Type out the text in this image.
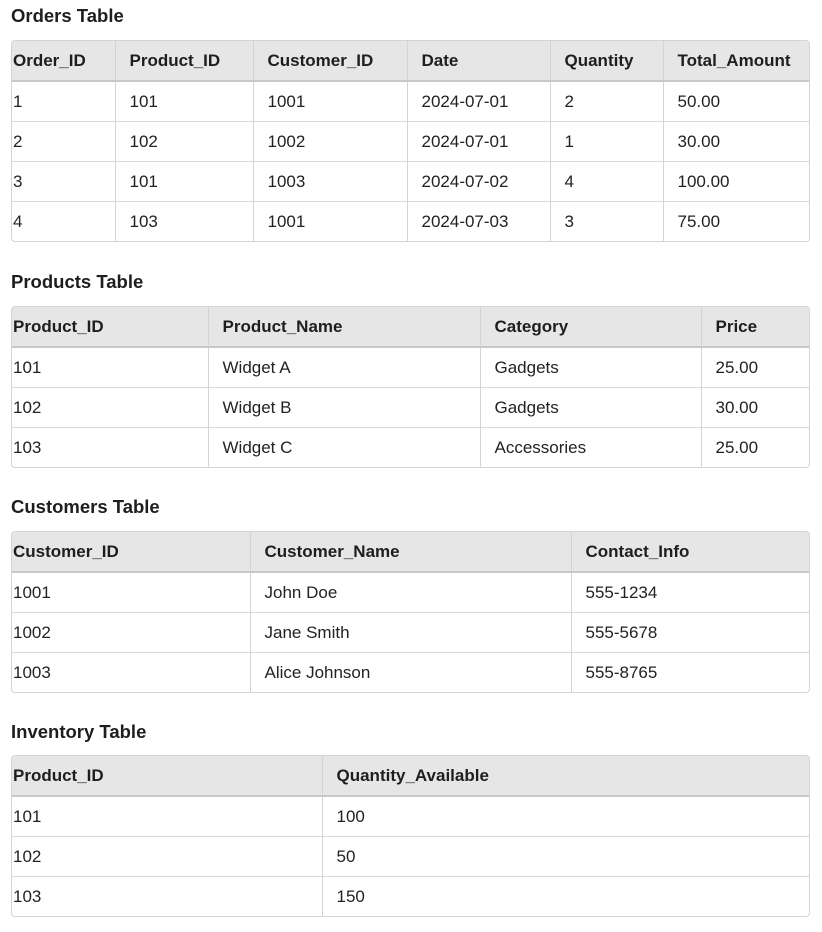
Orders Table
Order_ID	Product_ID	Customer_ID	Date	Quantity	Total_Amount
1	101	1001	2024-07-01	2	50.00
2	102	1002	2024-07-01	1	30.00
3	101	1003	2024-07-02	4	100.00
4	103	1001	2024-07-03	3	75.00
Products Table
Product_ID	Product_Name	Category	Price
101	Widget A	Gadgets	25.00
102	Widget B	Gadgets	30.00
103	Widget C	Accessories	25.00
Customers Table
Customer_ID	Customer_Name	Contact_Info
1001	John Doe	555-1234
1002	Jane Smith	555-5678
1003	Alice Johnson	555-8765
Inventory Table
Product_ID	Quantity_Available
101	100
102	50
103	150
